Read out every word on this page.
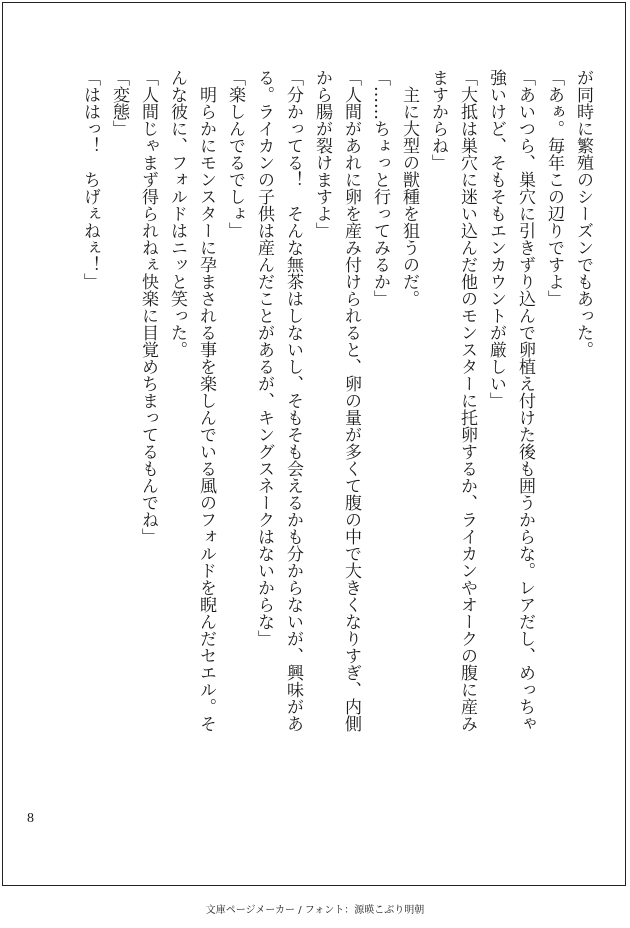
が同時に繁殖のシーズンでもあった。
「あぁ。毎年この辺りですよ」
「あいつら、巣穴に引きずり込んで卵植え付けた後も囲うからな。レアだし、めっちゃ
強いけど、そもそもエンカウントが厳しい」
「大抵は巣穴に迷い込んだ他のモンスターに托卵するか、ライカンやオークの腹に産み
ますからね」
　主に大型の獣種を狙うのだ。
「……ちょっと行ってみるか」
「人間があれに卵を産み付けられると、卵の量が多くて腹の中で大きくなりすぎ、内側
から腸が裂けますよ」
「分かってる！　そんな無茶はしないし、そもそも会えるかも分からないが、興味があ
る。ライカンの子供は産んだことがあるが、キングスネークはないからな」
「楽しんでるでしょ」
　明らかにモンスターに孕まされる事を楽しんでいる風のフォルドを睨んだセエル。そ
んな彼に、フォルドはニッと笑った。
「人間じゃまず得られねぇ快楽に目覚めちまってるもんでね」
「変態」
「ははっ！　ちげぇねぇ！」
8
文庫ページメーカー / フォント：源暎こぶり明朝
